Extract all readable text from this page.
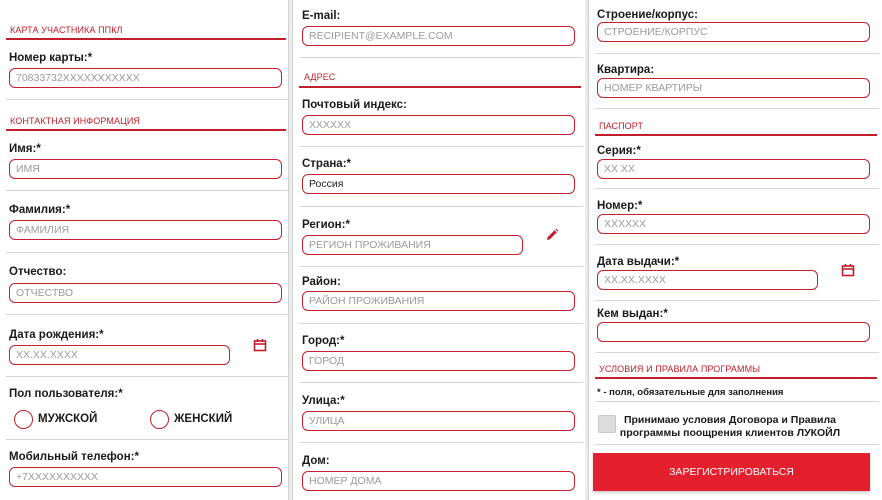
КАРТА УЧАСТНИКА ППКЛ
Номер карты:*
70833732XXXXXXXXXXX
КОНТАКТНАЯ ИНФОРМАЦИЯ
Имя:*
ИМЯ
Фамилия:*
ФАМИЛИЯ
Отчество:
ОТЧЕСТВО
Дата рождения:*
XX.XX.XXXX
Пол пользователя:*
МУЖСКОЙ	ЖЕНСКИЙ
Мобильный телефон:*
+7XXXXXXXXXX
E-mail:
RECIPIENT@EXAMPLE.COM
АДРЕС
Почтовый индекс:
XXXXXX
Страна:*
Россия
Регион:*
РЕГИОН ПРОЖИВАНИЯ
Район:
РАЙОН ПРОЖИВАНИЯ
Город:*
ГОРОД
Улица:*
УЛИЦА
Дом:
НОМЕР ДОМА
Строение/корпус:
СТРОЕНИЕ/КОРПУС
Квартира:
НОМЕР КВАРТИРЫ
ПАСПОРТ
Серия:*
XX XX
Номер:*
XXXXXX
Дата выдачи:*
XX.XX.XXXX
Кем выдан:*
УСЛОВИЯ И ПРАВИЛА ПРОГРАММЫ
* - поля, обязательные для заполнения
Принимаю условия Договора и Правила
программы поощрения клиентов ЛУКОЙЛ
ЗАРЕГИСТРИРОВАТЬСЯ
